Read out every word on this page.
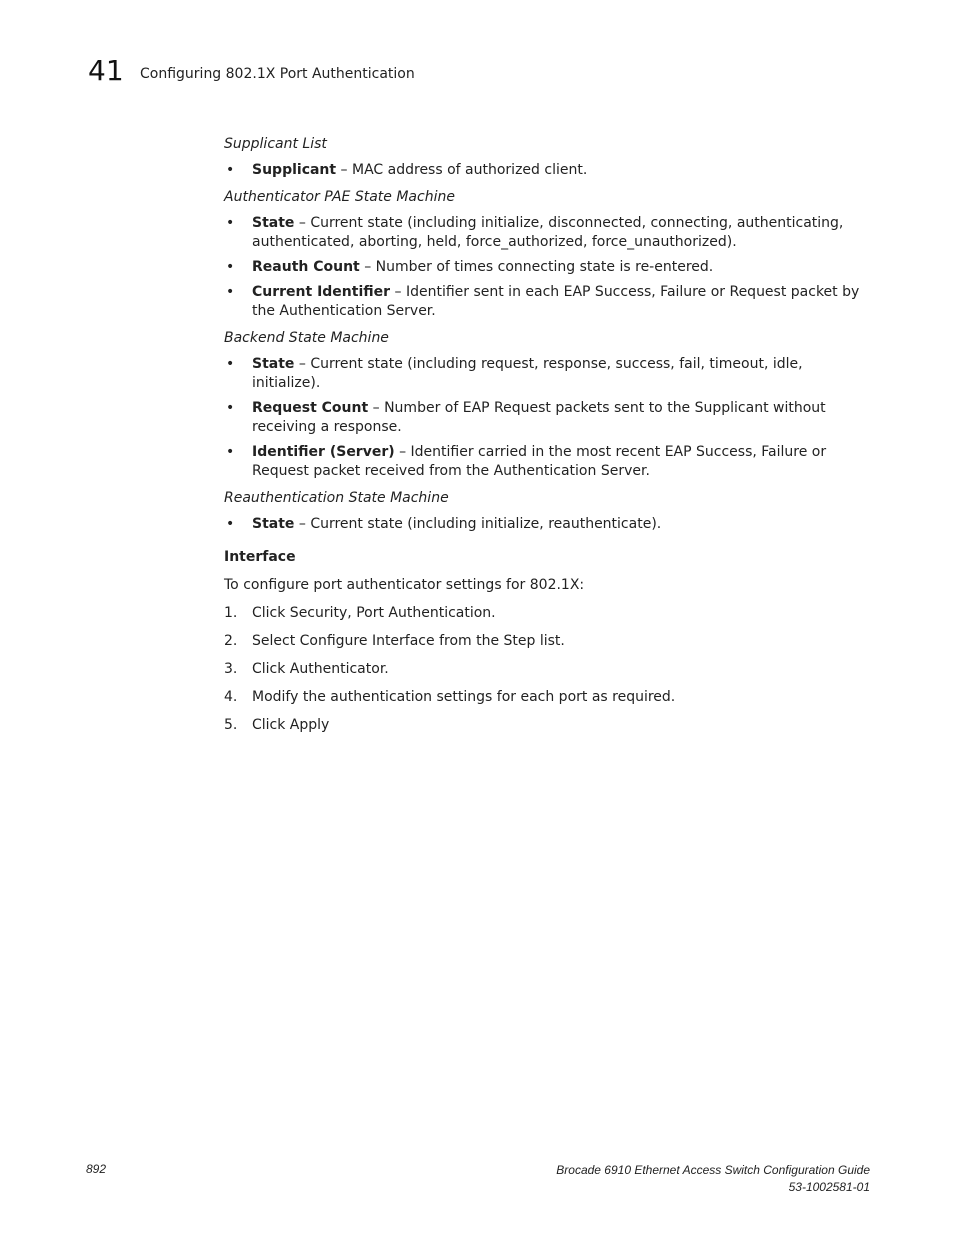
41 Configuring 802.1X Port Authentication
Supplicant List
• Supplicant – MAC address of authorized client.
Authenticator PAE State Machine
• State – Current state (including initialize, disconnected, connecting, authenticating, authenticated, aborting, held, force_authorized, force_unauthorized).
• Reauth Count – Number of times connecting state is re-entered.
• Current Identifier – Identifier sent in each EAP Success, Failure or Request packet by the Authentication Server.
Backend State Machine
• State – Current state (including request, response, success, fail, timeout, idle, initialize).
• Request Count – Number of EAP Request packets sent to the Supplicant without receiving a response.
• Identifier (Server) – Identifier carried in the most recent EAP Success, Failure or Request packet received from the Authentication Server.
Reauthentication State Machine
• State – Current state (including initialize, reauthenticate).
Interface
To configure port authenticator settings for 802.1X:
1. Click Security, Port Authentication.
2. Select Configure Interface from the Step list.
3. Click Authenticator.
4. Modify the authentication settings for each port as required.
5. Click Apply
892	Brocade 6910 Ethernet Access Switch Configuration Guide
53-1002581-01
